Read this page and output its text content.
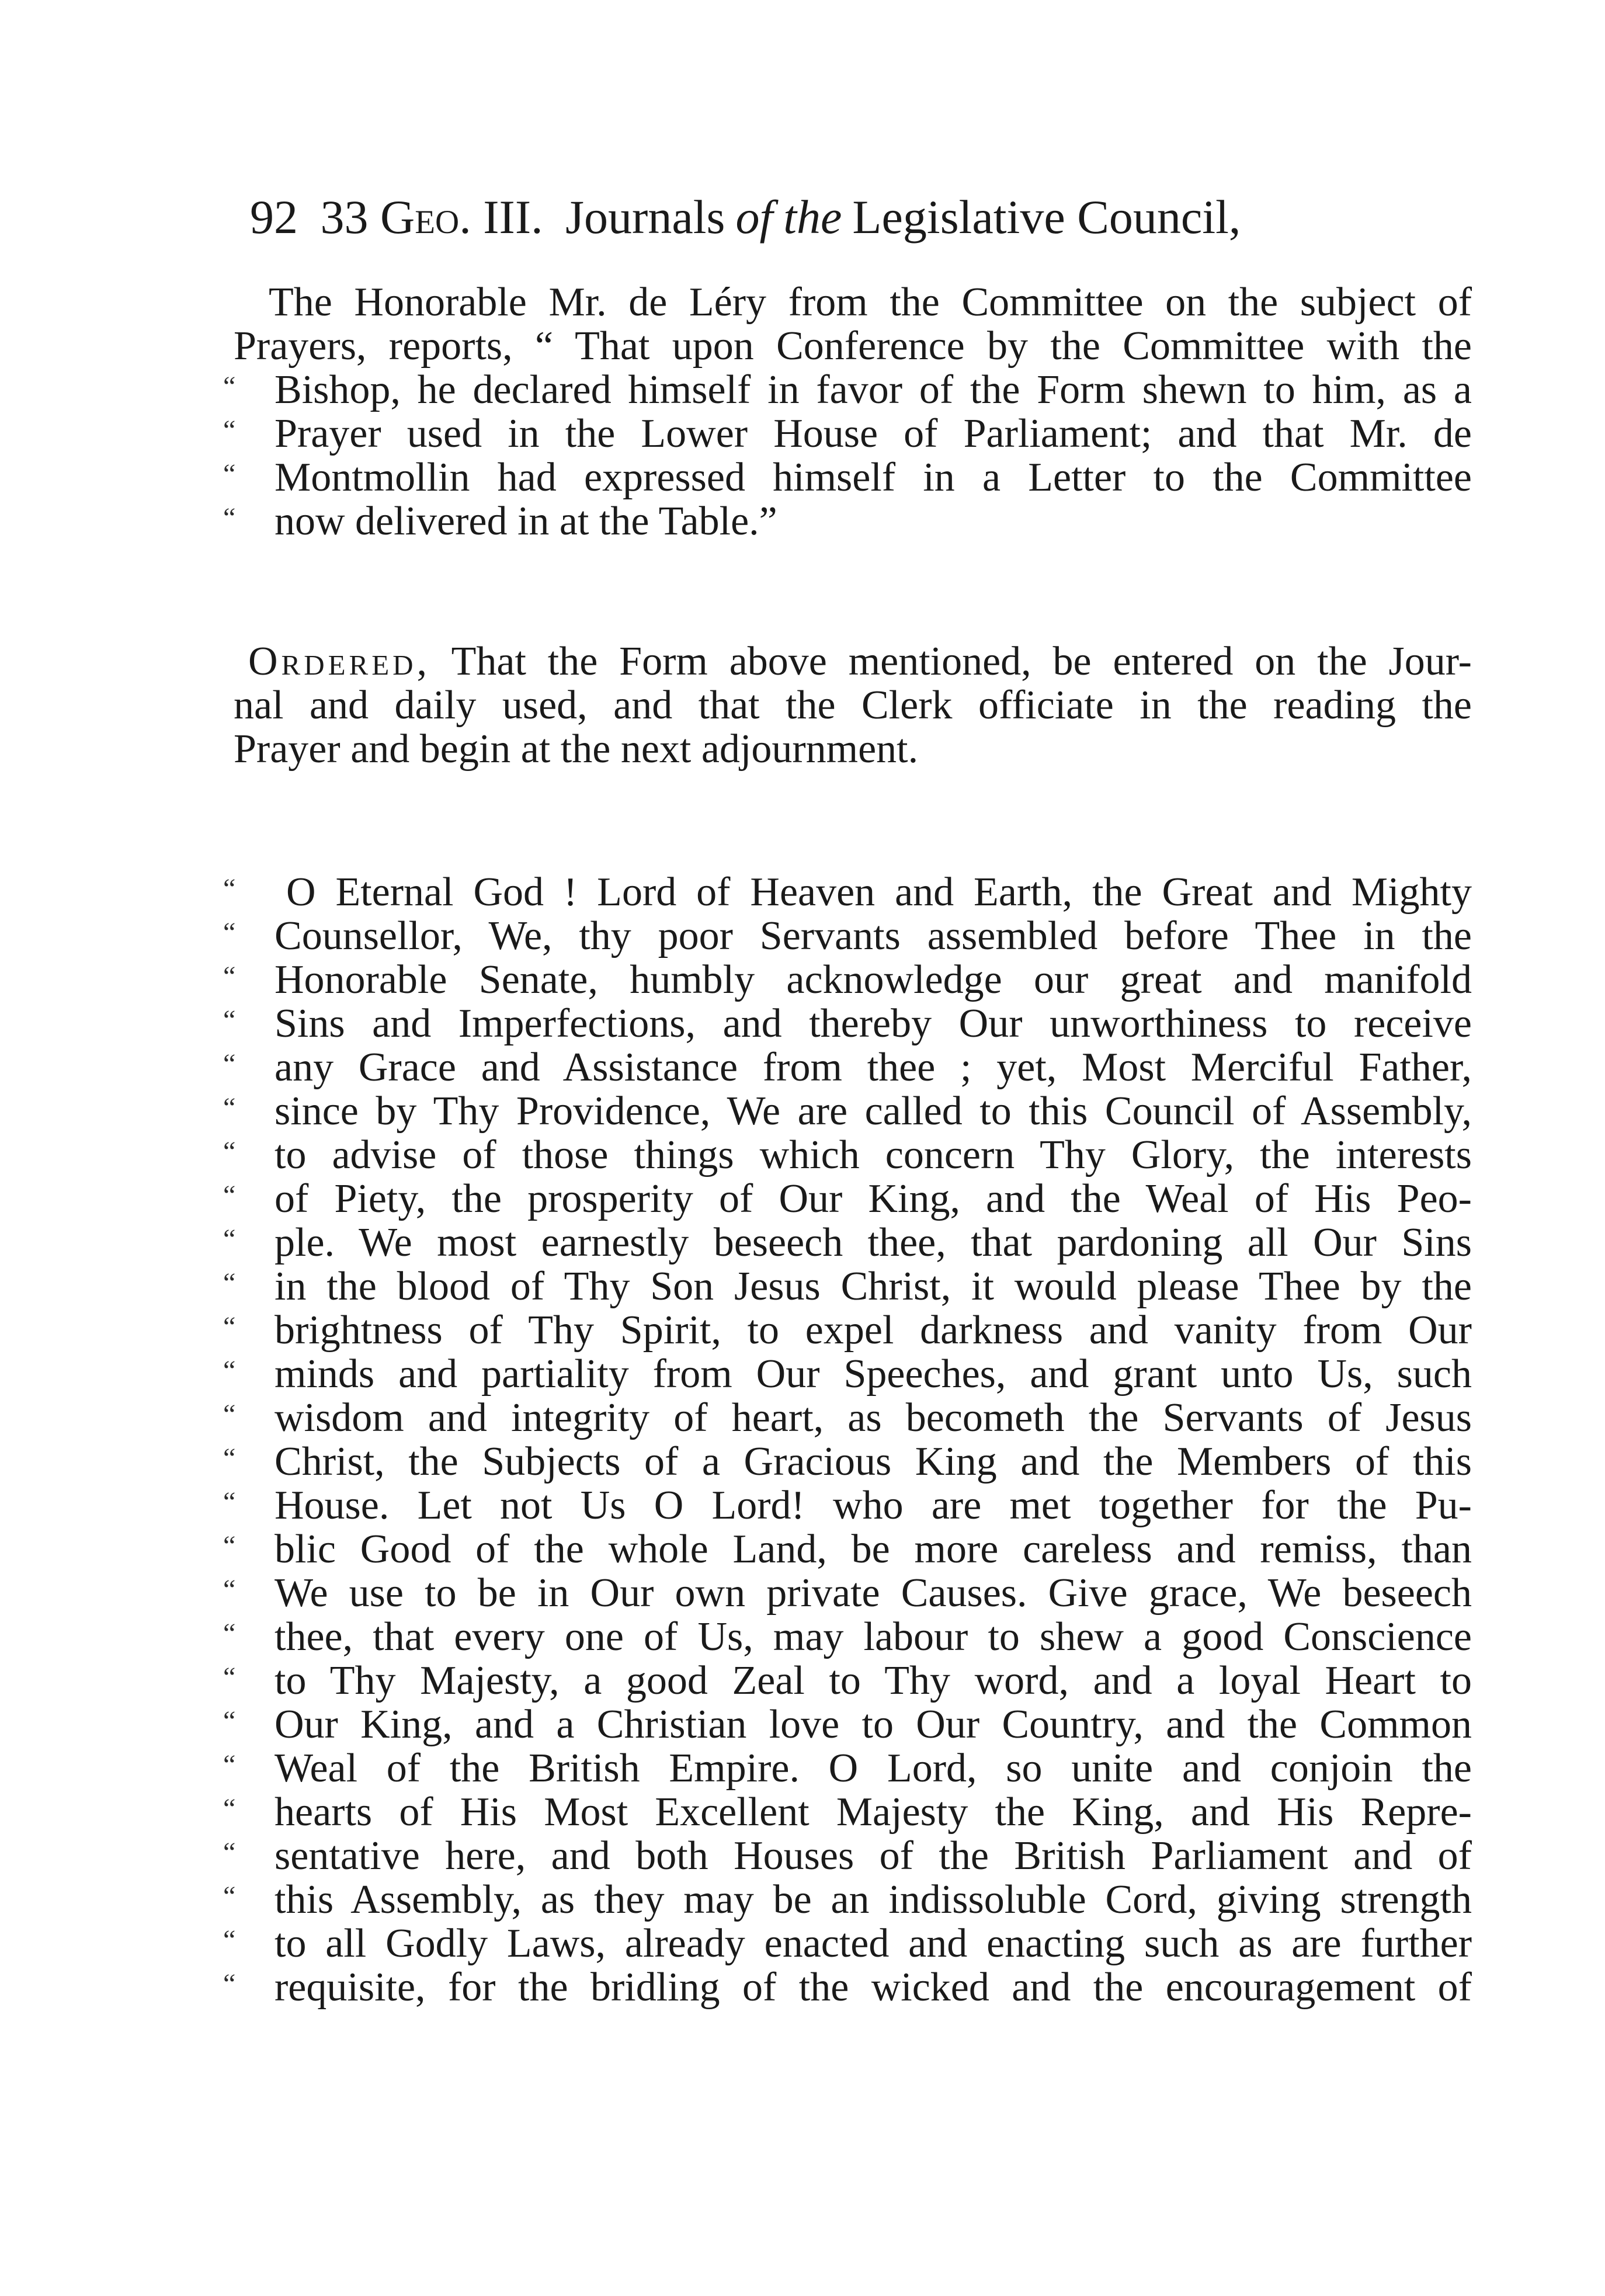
92 33 Geo. III. Journals of the Legislative Council,
The Honorable Mr. de Léry from the Committee on the subject of
Prayers, reports, “ That upon Conference by the Committee with the
“ Bishop, he declared himself in favor of the Form shewn to him, as a
“ Prayer used in the Lower House of Parliament; and that Mr. de
“ Montmollin had expressed himself in a Letter to the Committee
“ now delivered in at the Table.”
Ordered, That the Form above mentioned, be entered on the Jour-
nal and daily used, and that the Clerk officiate in the reading the
Prayer and begin at the next adjournment.
“	O Eternal God ! Lord of Heaven and Earth, the Great and Mighty
“ Counsellor, We, thy poor Servants assembled before Thee in the
“ Honorable Senate, humbly acknowledge our great and manifold
“ Sins and Imperfections, and thereby Our unworthiness to receive
“ any Grace and Assistance from thee ; yet, Most Merciful Father,
“ since by Thy Providence, We are called to this Council of Assembly,
“ to advise of those things which concern Thy Glory, the interests
“ of Piety, the prosperity of Our King, and the Weal of His Peo-
“ ple. We most earnestly beseech thee, that pardoning all Our Sins
“ in the blood of Thy Son Jesus Christ, it would please Thee by the
“ brightness of Thy Spirit, to expel darkness and vanity from Our
“ minds and partiality from Our Speeches, and grant unto Us, such
“ wisdom and integrity of heart, as becometh the Servants of Jesus
“ Christ, the Subjects of a Gracious King and the Members of this
“ House. Let not Us O Lord! who are met together for the Pu-
“ blic Good of the whole Land, be more careless and remiss, than
“ We use to be in Our own private Causes. Give grace, We beseech
“ thee, that every one of Us, may labour to shew a good Conscience
“ to Thy Majesty, a good Zeal to Thy word, and a loyal Heart to
“ Our King, and a Christian love to Our Country, and the Common
“ Weal of the British Empire. O Lord, so unite and conjoin the
“ hearts of His Most Excellent Majesty the King, and His Repre-
“ sentative here, and both Houses of the British Parliament and of
“ this Assembly, as they may be an indissoluble Cord, giving strength
“ to all Godly Laws, already enacted and enacting such as are further
“ requisite, for the bridling of the wicked and the encouragement of
